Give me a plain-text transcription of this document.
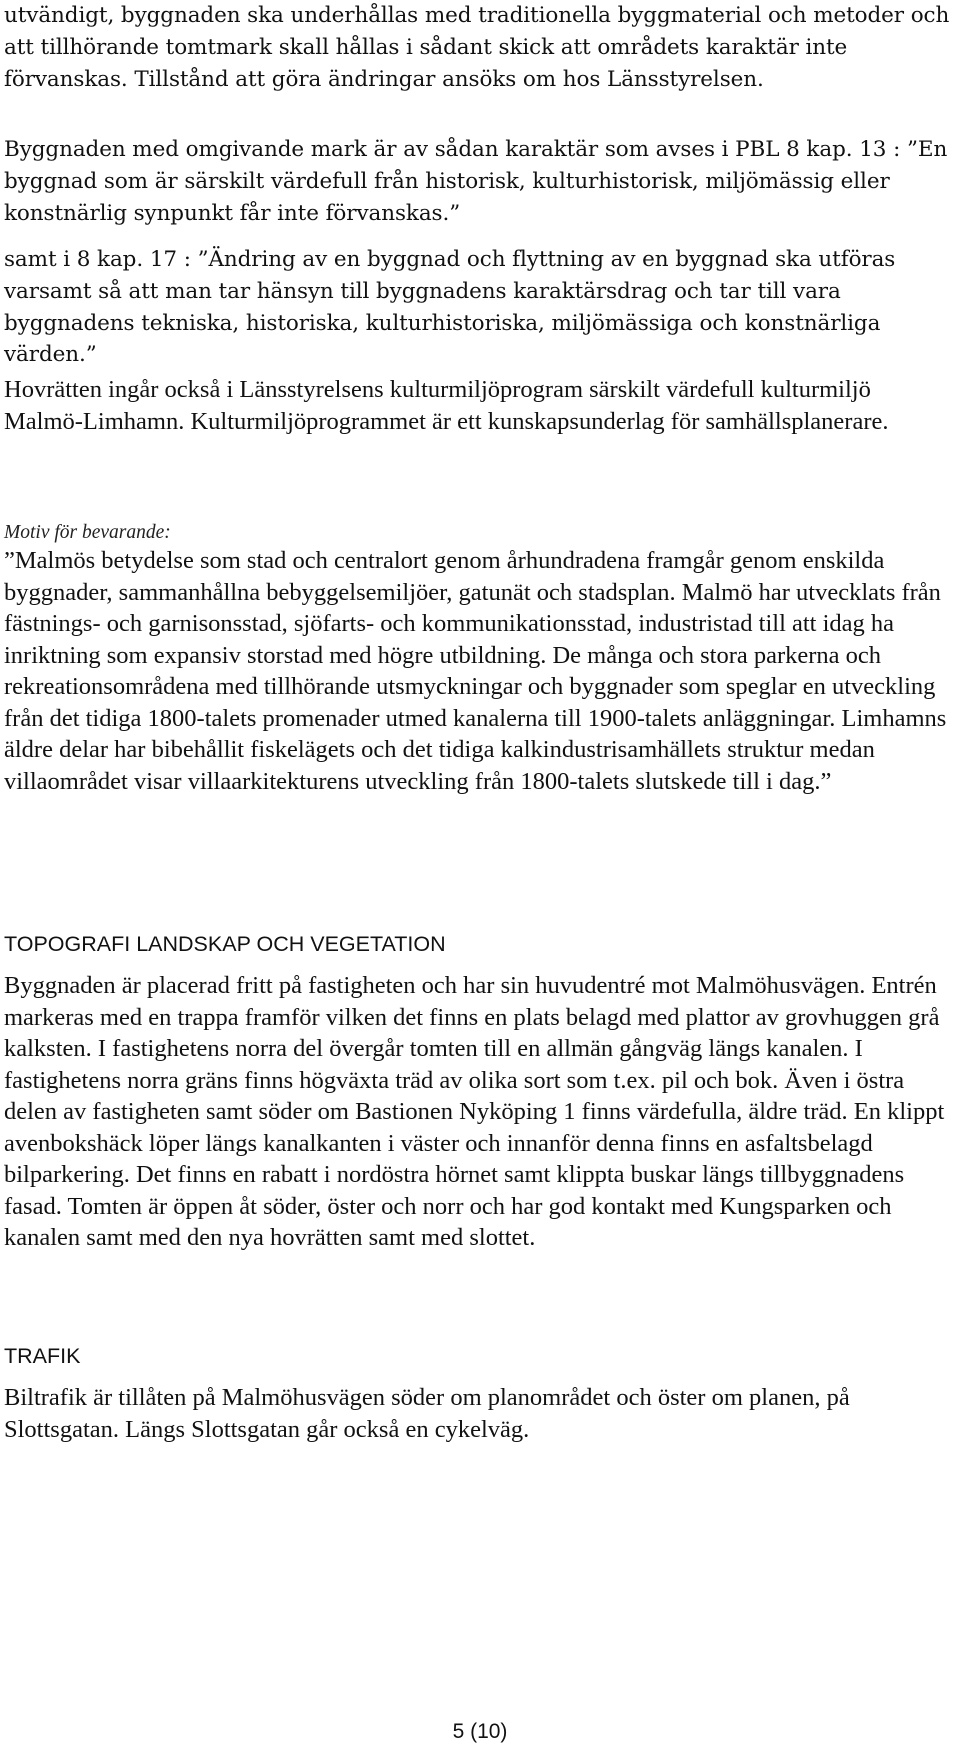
utvändigt, byggnaden ska underhållas med traditionella byggmaterial och metoder och att tillhörande tomtmark skall hållas i sådant skick att områdets karaktär inte förvanskas. Tillstånd att göra ändringar ansöks om hos Länsstyrelsen.

Byggnaden med omgivande mark är av sådan karaktär som avses i PBL 8 kap. 13 : ”En byggnad som är särskilt värdefull från historisk, kulturhistorisk, miljömässig eller konstnärlig synpunkt får inte förvanskas.”

samt i 8 kap. 17 : ”Ändring av en byggnad och flyttning av en byggnad ska utföras varsamt så att man tar hänsyn till byggnadens karaktärsdrag och tar till vara byggnadens tekniska, historiska, kulturhistoriska, miljömässiga och konstnärliga värden.”

Hovrätten ingår också i Länsstyrelsens kulturmiljöprogram särskilt värdefull kulturmiljö Malmö-Limhamn. Kulturmiljöprogrammet är ett kunskapsunderlag för samhällsplanerare.

Motiv för bevarande:

”Malmös betydelse som stad och centralort genom århundradena framgår genom enskilda byggnader, sammanhållna bebyggelsemiljöer, gatunät och stadsplan. Malmö har utvecklats från fästnings- och garnisonsstad, sjöfarts- och kommunikationsstad, industristad till att idag ha inriktning som expansiv storstad med högre utbildning. De många och stora parkerna och rekreationsområdena med tillhörande utsmyckningar och byggnader som speglar en utveckling från det tidiga 1800-talets promenader utmed kanalerna till 1900-talets anläggningar. Limhamns äldre delar har bibehållit fiskelägets och det tidiga kalkindustrisamhällets struktur medan villaområdet visar villaarkitekturens utveckling från 1800-talets slutskede till i dag.”

TOPOGRAFI LANDSKAP OCH VEGETATION

Byggnaden är placerad fritt på fastigheten och har sin huvudentré mot Malmöhusvägen. Entrén markeras med en trappa framför vilken det finns en plats belagd med plattor av grovhuggen grå kalksten. I fastighetens norra del övergår tomten till en allmän gångväg längs kanalen. I fastighetens norra gräns finns högväxta träd av olika sort som t.ex. pil och bok. Även i östra delen av fastigheten samt söder om Bastionen Nyköping 1 finns värdefulla, äldre träd. En klippt avenbokshäck löper längs kanalkanten i väster och innanför denna finns en asfaltsbelagd bilparkering. Det finns en rabatt i nordöstra hörnet samt klippta buskar längs tillbyggnadens fasad. Tomten är öppen åt söder, öster och norr och har god kontakt med Kungsparken och kanalen samt med den nya hovrätten samt med slottet.

TRAFIK

Biltrafik är tillåten på Malmöhusvägen söder om planområdet och öster om planen, på Slottsgatan. Längs Slottsgatan går också en cykelväg.

5 (10)
